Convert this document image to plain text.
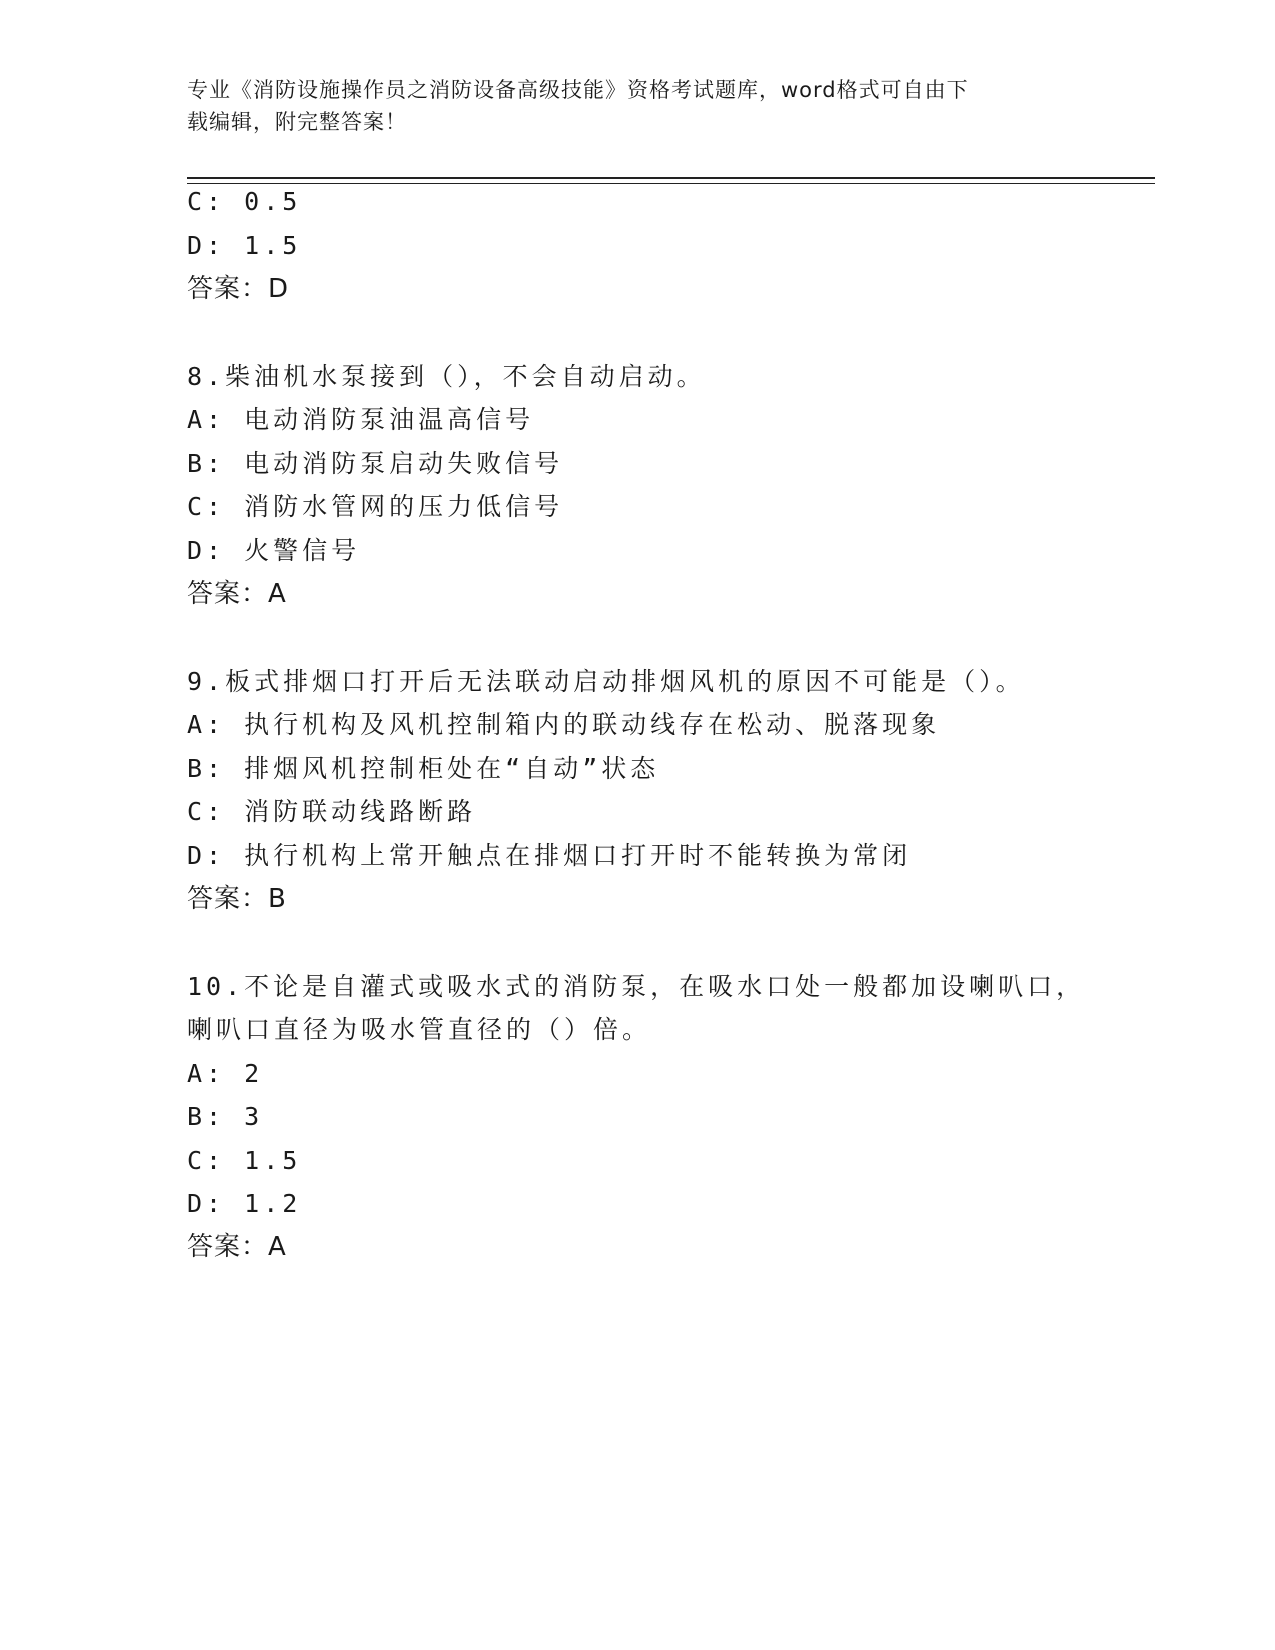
专业《消防设施操作员之消防设备高级技能》资格考试题库，word格式可自由下
载编辑，附完整答案！
C: 0.5
D: 1.5
答案：D
8.柴油机水泵接到（），不会自动启动。
A: 电动消防泵油温高信号
B: 电动消防泵启动失败信号
C: 消防水管网的压力低信号
D: 火警信号
答案：A
9.板式排烟口打开后无法联动启动排烟风机的原因不可能是（）。
A: 执行机构及风机控制箱内的联动线存在松动、脱落现象
B: 排烟风机控制柜处在“自动”状态
C: 消防联动线路断路
D: 执行机构上常开触点在排烟口打开时不能转换为常闭
答案：B
10.不论是自灌式或吸水式的消防泵，在吸水口处一般都加设喇叭口，
喇叭口直径为吸水管直径的（）倍。
A: 2
B: 3
C: 1.5
D: 1.2
答案：A
